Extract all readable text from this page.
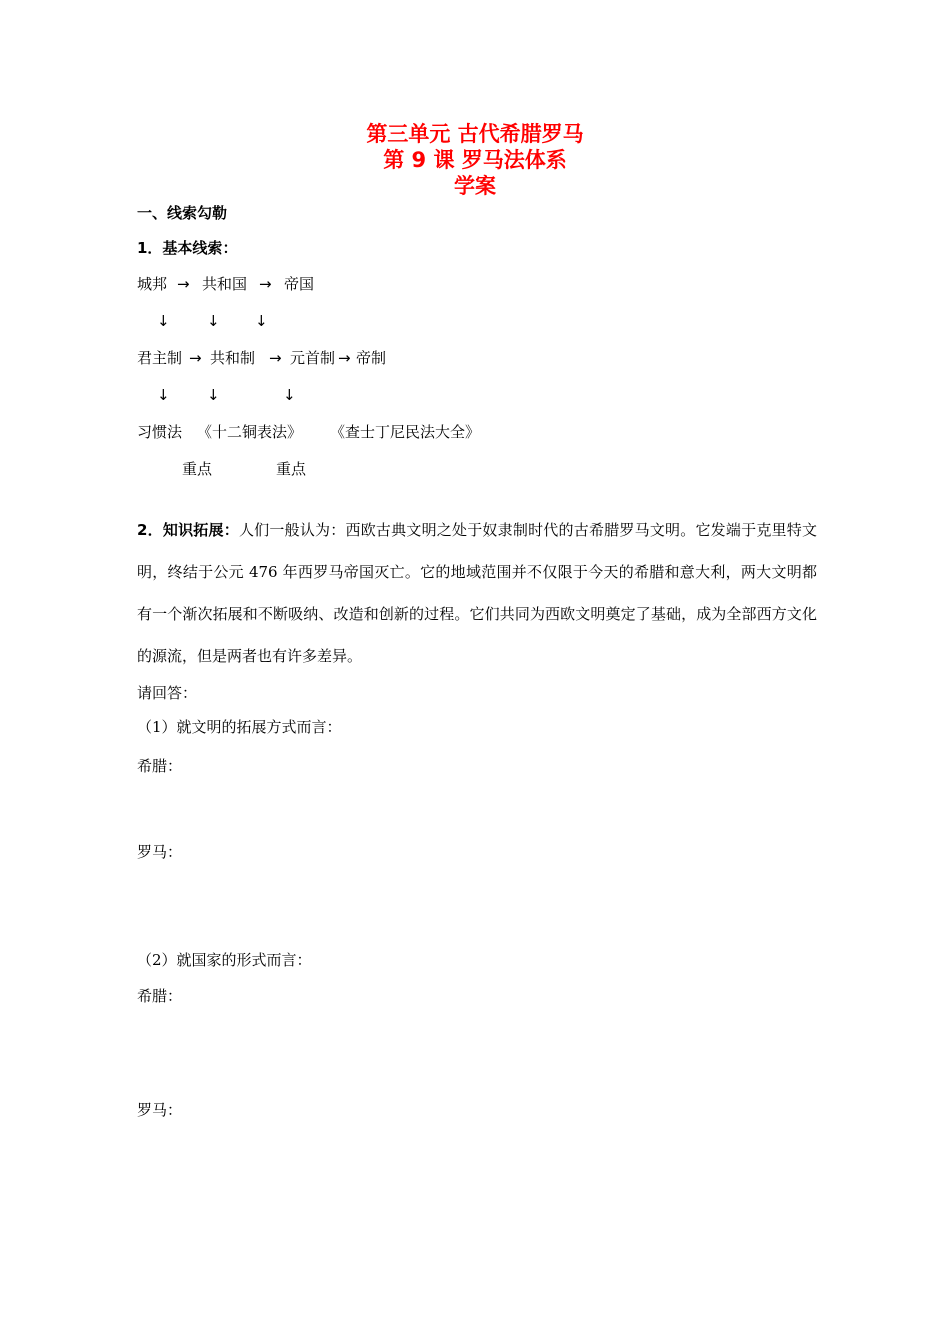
第三单元 古代希腊罗马
第 9 课 罗马法体系
学案
一、线索勾勒
1．基本线索：
城邦 → 共和国 → 帝国
↓ ↓ ↓
君主制 → 共和制 → 元首制 → 帝制
↓ ↓	↓
习惯法 《十二铜表法》 《查士丁尼民法大全》
重点	重点
2．知识拓展：人们一般认为：西欧古典文明之处于奴隶制时代的古希腊罗马文明。它发端于克里特文明，终结于公元 476 年西罗马帝国灭亡。它的地域范围并不仅限于今天的希腊和意大利，两大文明都有一个渐次拓展和不断吸纳、改造和创新的过程。它们共同为西欧文明奠定了基础，成为全部西方文化的源流，但是两者也有许多差异。
请回答：
（1）就文明的拓展方式而言：
希腊：
罗马：
（2）就国家的形式而言：
希腊：
罗马：
